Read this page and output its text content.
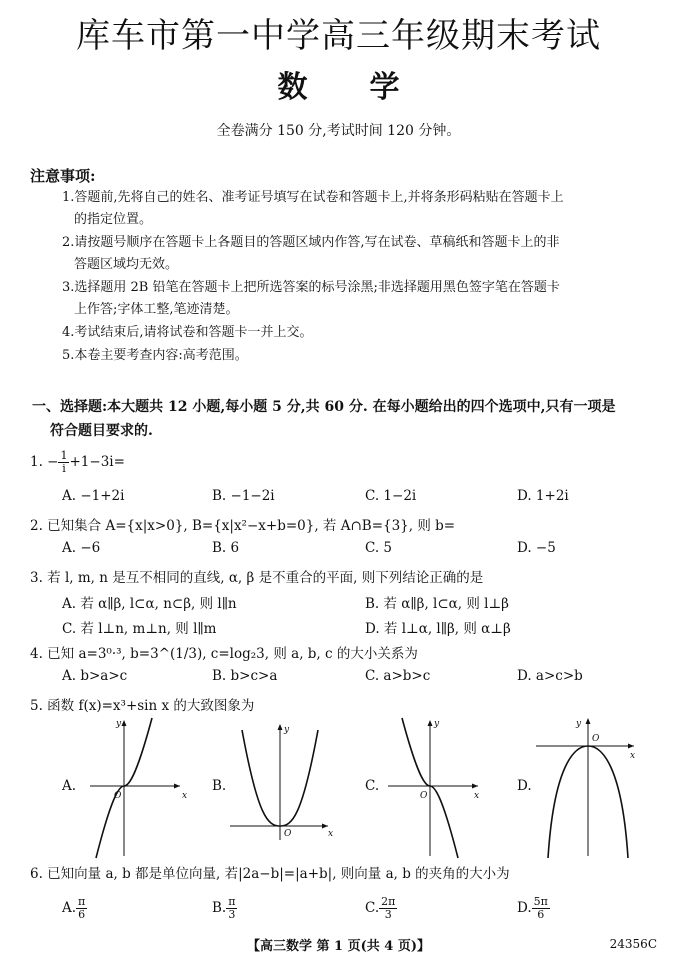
库车市第一中学高三年级期末考试
数学
全卷满分 150 分,考试时间 120 分钟。
注意事项:
1.答题前,先将自己的姓名、准考证号填写在试卷和答题卡上,并将条形码粘贴在答题卡上
的指定位置。
2.请按题号顺序在答题卡上各题目的答题区域内作答,写在试卷、草稿纸和答题卡上的非
答题区域均无效。
3.选择题用 2B 铅笔在答题卡上把所选答案的标号涂黑;非选择题用黑色签字笔在答题卡
上作答;字体工整,笔迹清楚。
4.考试结束后,请将试卷和答题卡一并上交。
5.本卷主要考查内容:高考范围。
一、选择题:本大题共 12 小题,每小题 5 分,共 60 分. 在每小题给出的四个选项中,只有一项是
符合题目要求的.
1. − $\frac{1}{i} +1-3i=$
A. −1+2i	B. −1−2i	C. 1−2i	D. 1+2i
2. 已知集合 A={x|x>0}, B={x|x²−x+b=0}, 若 A∩B={3}, 则 b=
A. −6	B. 6	C. 5	D. −5
3. 若 l, m, n 是互不相同的直线, α, β 是不重合的平面, 则下列结论正确的是
A. 若 α∥β, l⊂α, n⊂β, 则 l∥n	B. 若 α∥β, l⊂α, 则 l⊥β
C. 若 l⊥n, m⊥n, 则 l∥m	D. 若 l⊥α, l∥β, 则 α⊥β
4. 已知 a=3⁰·³, b=3^(1/3), c=log₂3, 则 a, b, c 的大小关系为
A. b>a>c	B. b>c>a	C. a>b>c	D. a>c>b
5. 函数 f(x)=x³+sin x 的大致图象为
A.	B.	C.	D.
x
y
O
x
y
O
x
y
O
x
y
O
6. 已知向量 a, b 都是单位向量, 若|2a−b|=|a+b|, 则向量 a, b 的夹角的大小为
A. $\frac{\pi}{6}$	B. $\frac{\pi}{3}$	C. $\frac{2\pi}{3}$	D. $\frac{5\pi}{6}$
【高三数学 第 1 页(共 4 页)】	24356C
